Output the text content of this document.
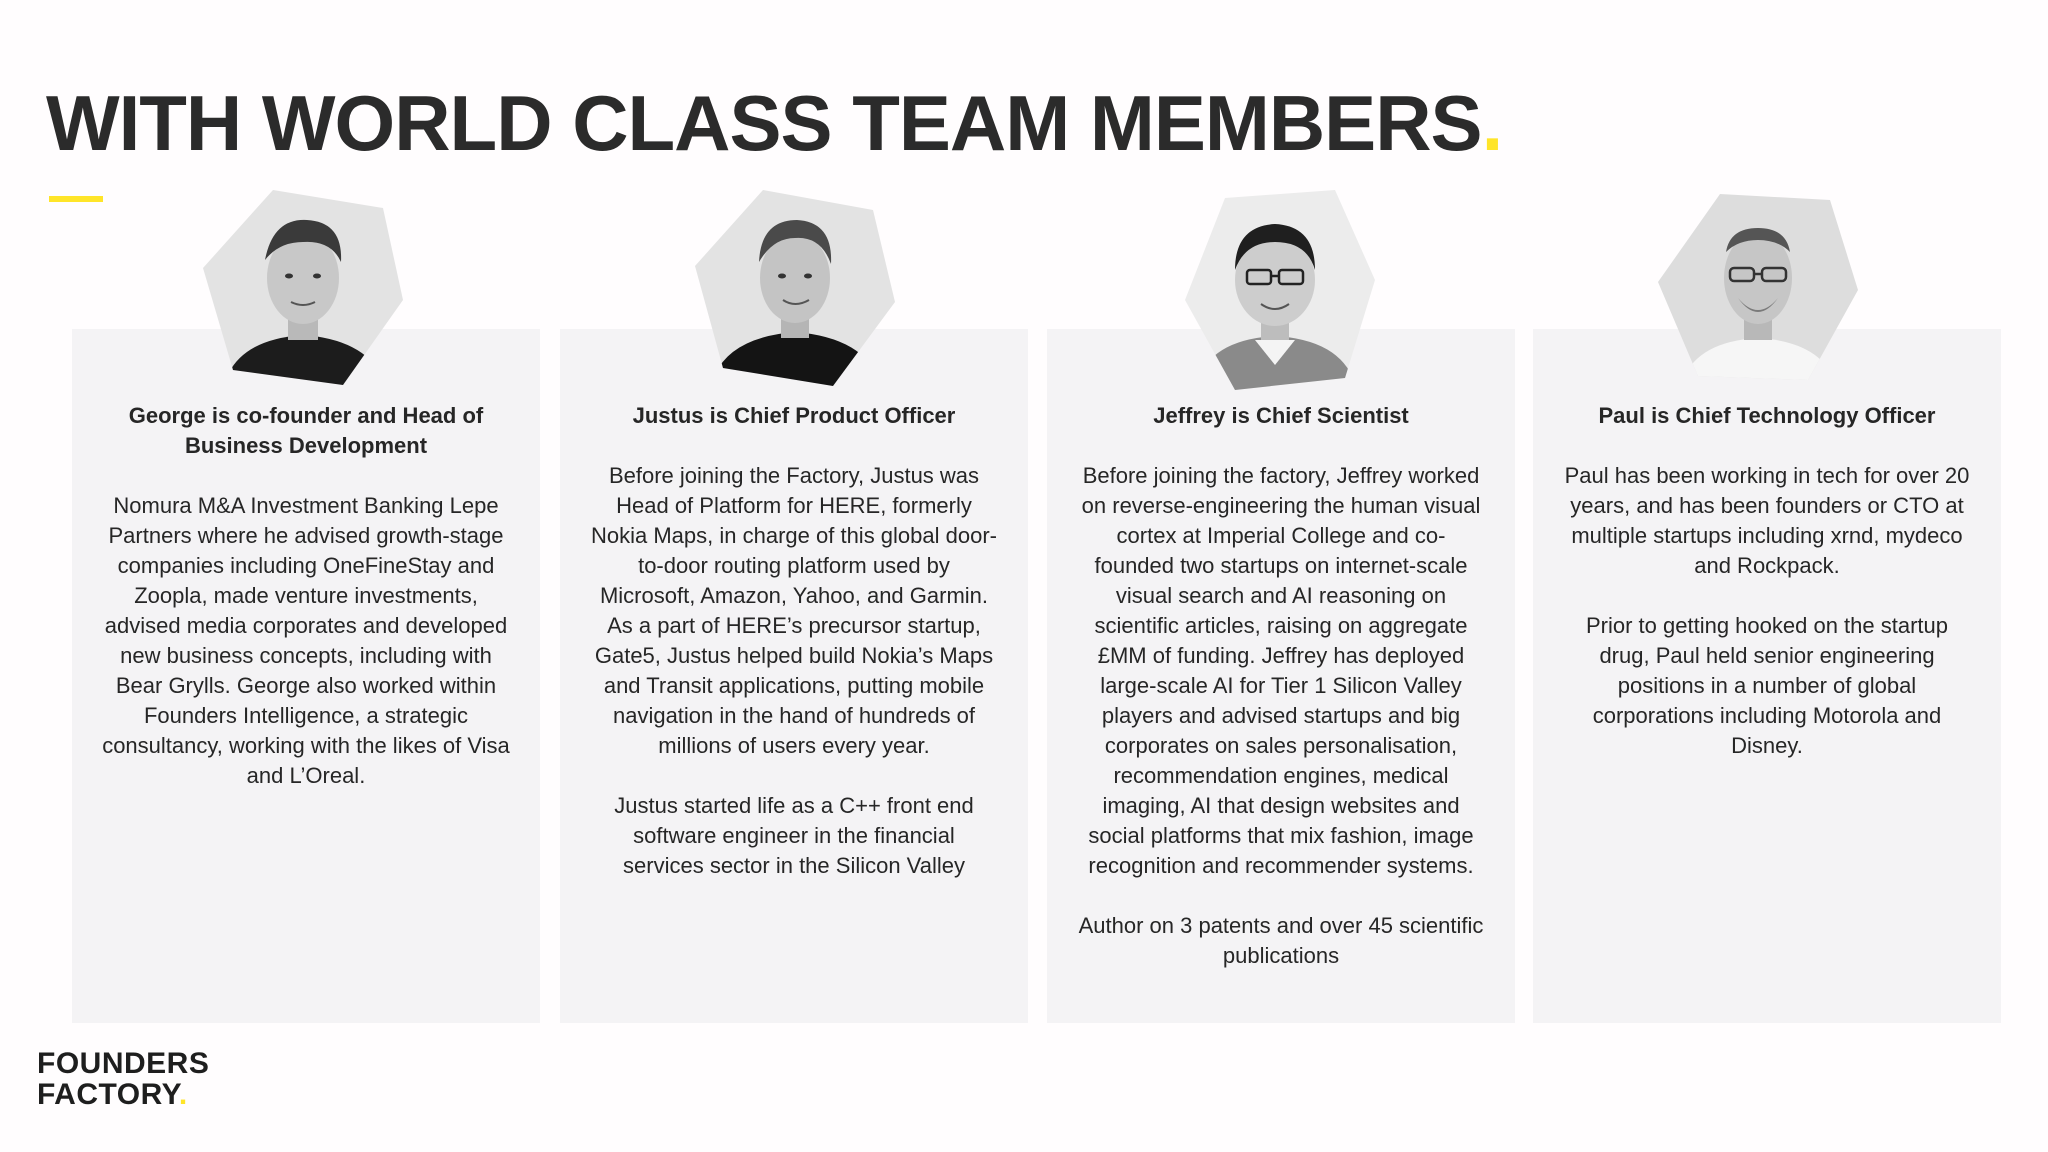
WITH WORLD CLASS TEAM MEMBERS.

George is co-founder and Head of Business Development

Nomura M&A Investment Banking Lepe Partners where he advised growth-stage companies including OneFineStay and Zoopla, made venture investments, advised media corporates and developed new business concepts, including with Bear Grylls. George also worked within Founders Intelligence, a strategic consultancy, working with the likes of Visa and L’Oreal.

Justus is Chief Product Officer

Before joining the Factory, Justus was Head of Platform for HERE, formerly Nokia Maps, in charge of this global door-to-door routing platform used by Microsoft, Amazon, Yahoo, and Garmin. As a part of HERE’s precursor startup, Gate5, Justus helped build Nokia’s Maps and Transit applications, putting mobile navigation in the hand of hundreds of millions of users every year.

Justus started life as a C++ front end software engineer in the financial services sector in the Silicon Valley

Jeffrey is Chief Scientist

Before joining the factory, Jeffrey worked on reverse-engineering the human visual cortex at Imperial College and co-founded two startups on internet-scale visual search and AI reasoning on scientific articles, raising on aggregate £MM of funding. Jeffrey has deployed large-scale AI for Tier 1 Silicon Valley players and advised startups and big corporates on sales personalisation, recommendation engines, medical imaging, AI that design websites and social platforms that mix fashion, image recognition and recommender systems.

Author on 3 patents and over 45 scientific publications

Paul is Chief Technology Officer

Paul has been working in tech for over 20 years, and has been founders or CTO at multiple startups including xrnd, mydeco and Rockpack.

Prior to getting hooked on the startup drug, Paul held senior engineering positions in a number of global corporations including Motorola and Disney.

FOUNDERS
FACTORY.
